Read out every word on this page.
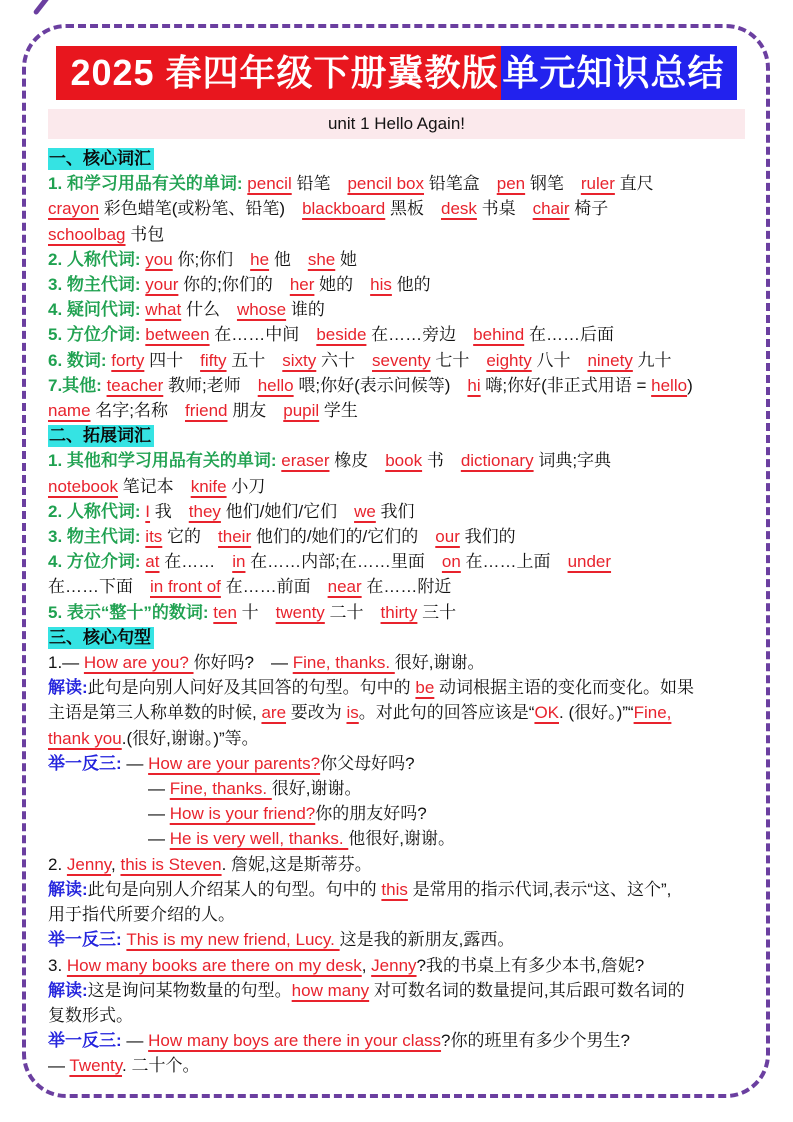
2025 春四年级下册冀教版 单元知识总结
unit 1 Hello Again!
一、核心词汇
1. 和学习用品有关的单词: pencil 铅笔　pencil box 铅笔盒　pen 钢笔　ruler 直尺
crayon 彩色蜡笔(或粉笔、铅笔)　blackboard 黑板　desk 书桌　chair 椅子
schoolbag 书包
2. 人称代词: you 你;你们　he 他　she 她
3. 物主代词: your 你的;你们的　her 她的　his 他的
4. 疑问代词: what 什么　whose 谁的
5. 方位介词: between 在……中间　beside 在……旁边　behind 在……后面
6. 数词: forty 四十　fifty 五十　sixty 六十　seventy 七十　eighty 八十　ninety 九十
7.其他: teacher 教师;老师　hello 喂;你好(表示问候等)　hi 嗨;你好(非正式用语 = hello)
name 名字;名称　friend 朋友　pupil 学生
二、拓展词汇
1. 其他和学习用品有关的单词: eraser 橡皮　book 书　dictionary 词典;字典
notebook 笔记本　knife 小刀
2. 人称代词: I 我　they 他们/她们/它们　we 我们
3. 物主代词: its 它的　their 他们的/她们的/它们的　our 我们的
4. 方位介词: at 在……　in 在……内部;在……里面　on 在……上面　under
在……下面　in front of 在……前面　near 在……附近
5. 表示“整十”的数词: ten 十　twenty 二十　thirty 三十
三、核心句型
1.— How are you? 你好吗?　— Fine, thanks. 很好,谢谢。
解读:此句是向别人问好及其回答的句型。句中的 be 动词根据主语的变化而变化。如果
主语是第三人称单数的时候, are 要改为 is。对此句的回答应该是“OK. (很好。)”“Fine,
thank you.(很好,谢谢。)”等。
举一反三: — How are your parents?你父母好吗?
— Fine, thanks. 很好,谢谢。
— How is your friend?你的朋友好吗?
— He is very well, thanks. 他很好,谢谢。
2. Jenny, this is Steven. 詹妮,这是斯蒂芬。
解读:此句是向别人介绍某人的句型。句中的 this 是常用的指示代词,表示“这、这个”,
用于指代所要介绍的人。
举一反三: This is my new friend, Lucy. 这是我的新朋友,露西。
3. How many books are there on my desk, Jenny?我的书桌上有多少本书,詹妮?
解读:这是询问某物数量的句型。how many 对可数名词的数量提问,其后跟可数名词的
复数形式。
举一反三: — How many boys are there in your class?你的班里有多少个男生?
— Twenty. 二十个。
